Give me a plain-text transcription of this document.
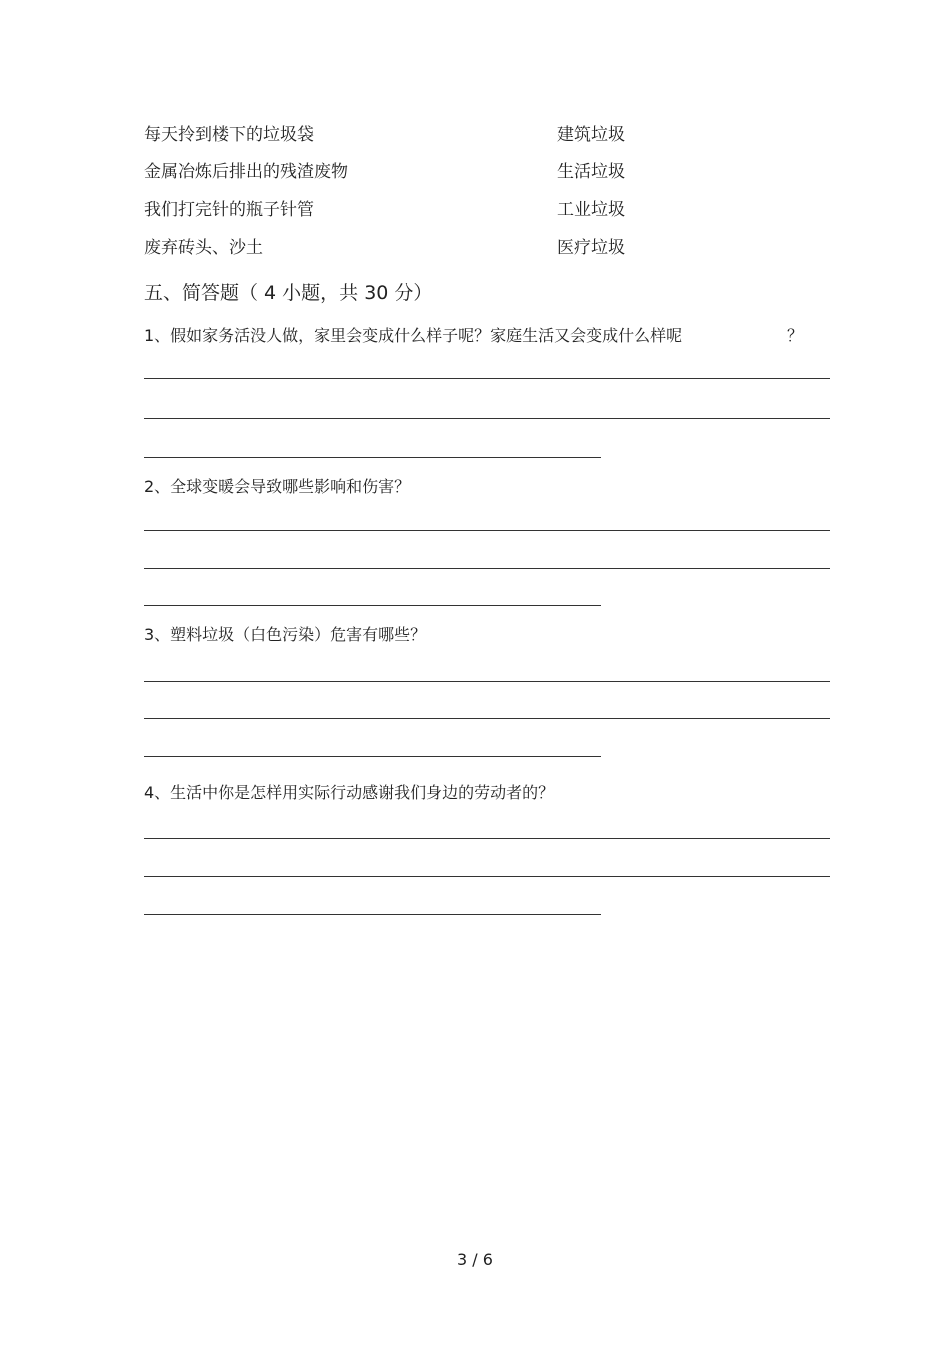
每天拎到楼下的垃圾袋	建筑垃圾
金属冶炼后排出的残渣废物	生活垃圾
我们打完针的瓶子针管	工业垃圾
废弃砖头、沙土	医疗垃圾
五、简答题（ 4 小题，共 30 分）
1、假如家务活没人做，家里会变成什么样子呢？家庭生活又会变成什么样呢	？
2、全球变暖会导致哪些影响和伤害？
3、塑料垃圾（白色污染）危害有哪些？
4、生活中你是怎样用实际行动感谢我们身边的劳动者的？
3 / 6
